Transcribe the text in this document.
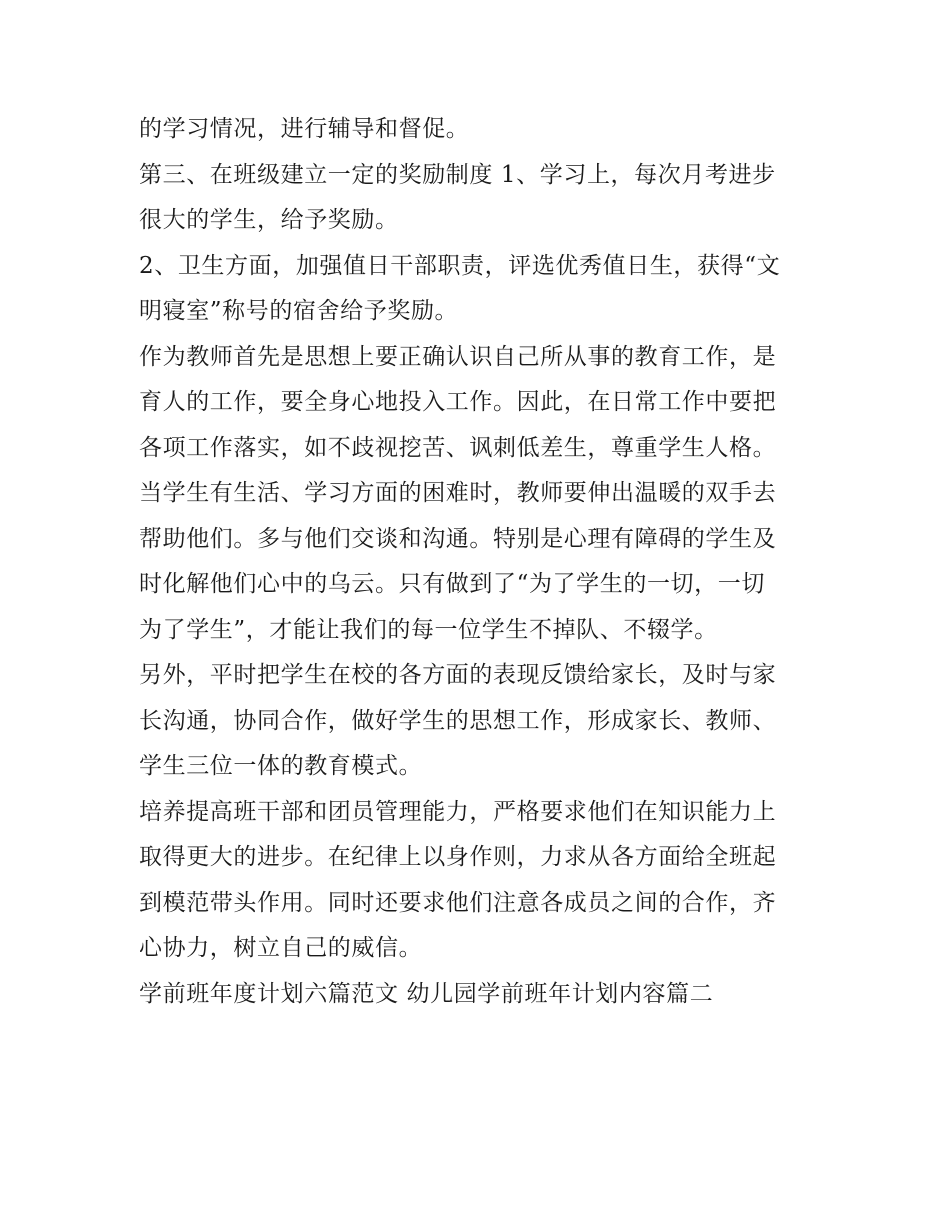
的学习情况，进行辅导和督促。
第三、在班级建立一定的奖励制度 1、学习上，每次月考进步
很大的学生，给予奖励。
2、卫生方面，加强值日干部职责，评选优秀值日生，获得“文
明寝室”称号的宿舍给予奖励。
作为教师首先是思想上要正确认识自己所从事的教育工作，是
育人的工作，要全身心地投入工作。因此，在日常工作中要把
各项工作落实，如不歧视挖苦、讽刺低差生，尊重学生人格。
当学生有生活、学习方面的困难时，教师要伸出温暖的双手去
帮助他们。多与他们交谈和沟通。特别是心理有障碍的学生及
时化解他们心中的乌云。只有做到了“为了学生的一切，一切
为了学生”，才能让我们的每一位学生不掉队、不辍学。
另外，平时把学生在校的各方面的表现反馈给家长，及时与家
长沟通，协同合作，做好学生的思想工作，形成家长、教师、
学生三位一体的教育模式。
培养提高班干部和团员管理能力，严格要求他们在知识能力上
取得更大的进步。在纪律上以身作则，力求从各方面给全班起
到模范带头作用。同时还要求他们注意各成员之间的合作，齐
心协力，树立自己的威信。
学前班年度计划六篇范文 幼儿园学前班年计划内容篇二
